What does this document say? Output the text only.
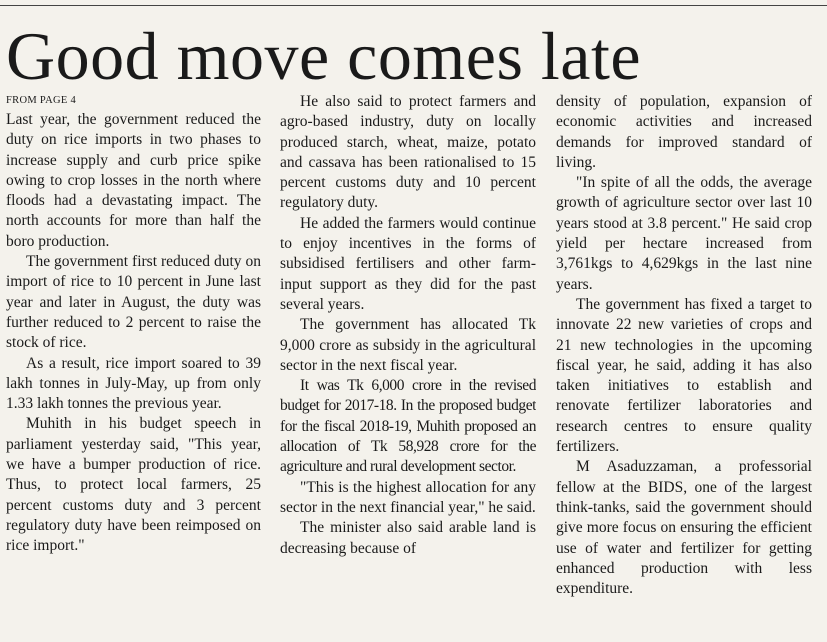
Good move comes late
FROM PAGE 4

Last year, the government reduced the duty on rice imports in two phases to increase supply and curb price spike owing to crop losses in the north where floods had a devastating impact. The north accounts for more than half the boro production.

The government first reduced duty on import of rice to 10 percent in June last year and later in August, the duty was further reduced to 2 percent to raise the stock of rice.

As a result, rice import soared to 39 lakh tonnes in July-May, up from only 1.33 lakh tonnes the previous year.

Muhith in his budget speech in parliament yesterday said, "This year, we have a bumper production of rice. Thus, to protect local farmers, 25 percent customs duty and 3 percent regulatory duty have been reimposed on rice import."

He also said to protect farmers and agro-based industry, duty on locally produced starch, wheat, maize, potato and cassava has been rationalised to 15 percent customs duty and 10 percent regulatory duty.

He added the farmers would continue to enjoy incentives in the forms of subsidised fertilisers and other farm-input support as they did for the past several years.

The government has allocated Tk 9,000 crore as subsidy in the agricultural sector in the next fiscal year.

It was Tk 6,000 crore in the revised budget for 2017-18. In the proposed budget for the fiscal 2018-19, Muhith proposed an allocation of Tk 58,928 crore for the agriculture and rural development sector.

"This is the highest allocation for any sector in the next financial year," he said.

The minister also said arable land is decreasing because of

density of population, expansion of economic activities and increased demands for improved standard of living.

"In spite of all the odds, the average growth of agriculture sector over last 10 years stood at 3.8 percent." He said crop yield per hectare increased from 3,761kgs to 4,629kgs in the last nine years.

The government has fixed a target to innovate 22 new varieties of crops and 21 new technologies in the upcoming fiscal year, he said, adding it has also taken initiatives to establish and renovate fertilizer laboratories and research centres to ensure quality fertilizers.

M Asaduzzaman, a professorial fellow at the BIDS, one of the largest think-tanks, said the government should give more focus on ensuring the efficient use of water and fertilizer for getting enhanced production with less expenditure.
